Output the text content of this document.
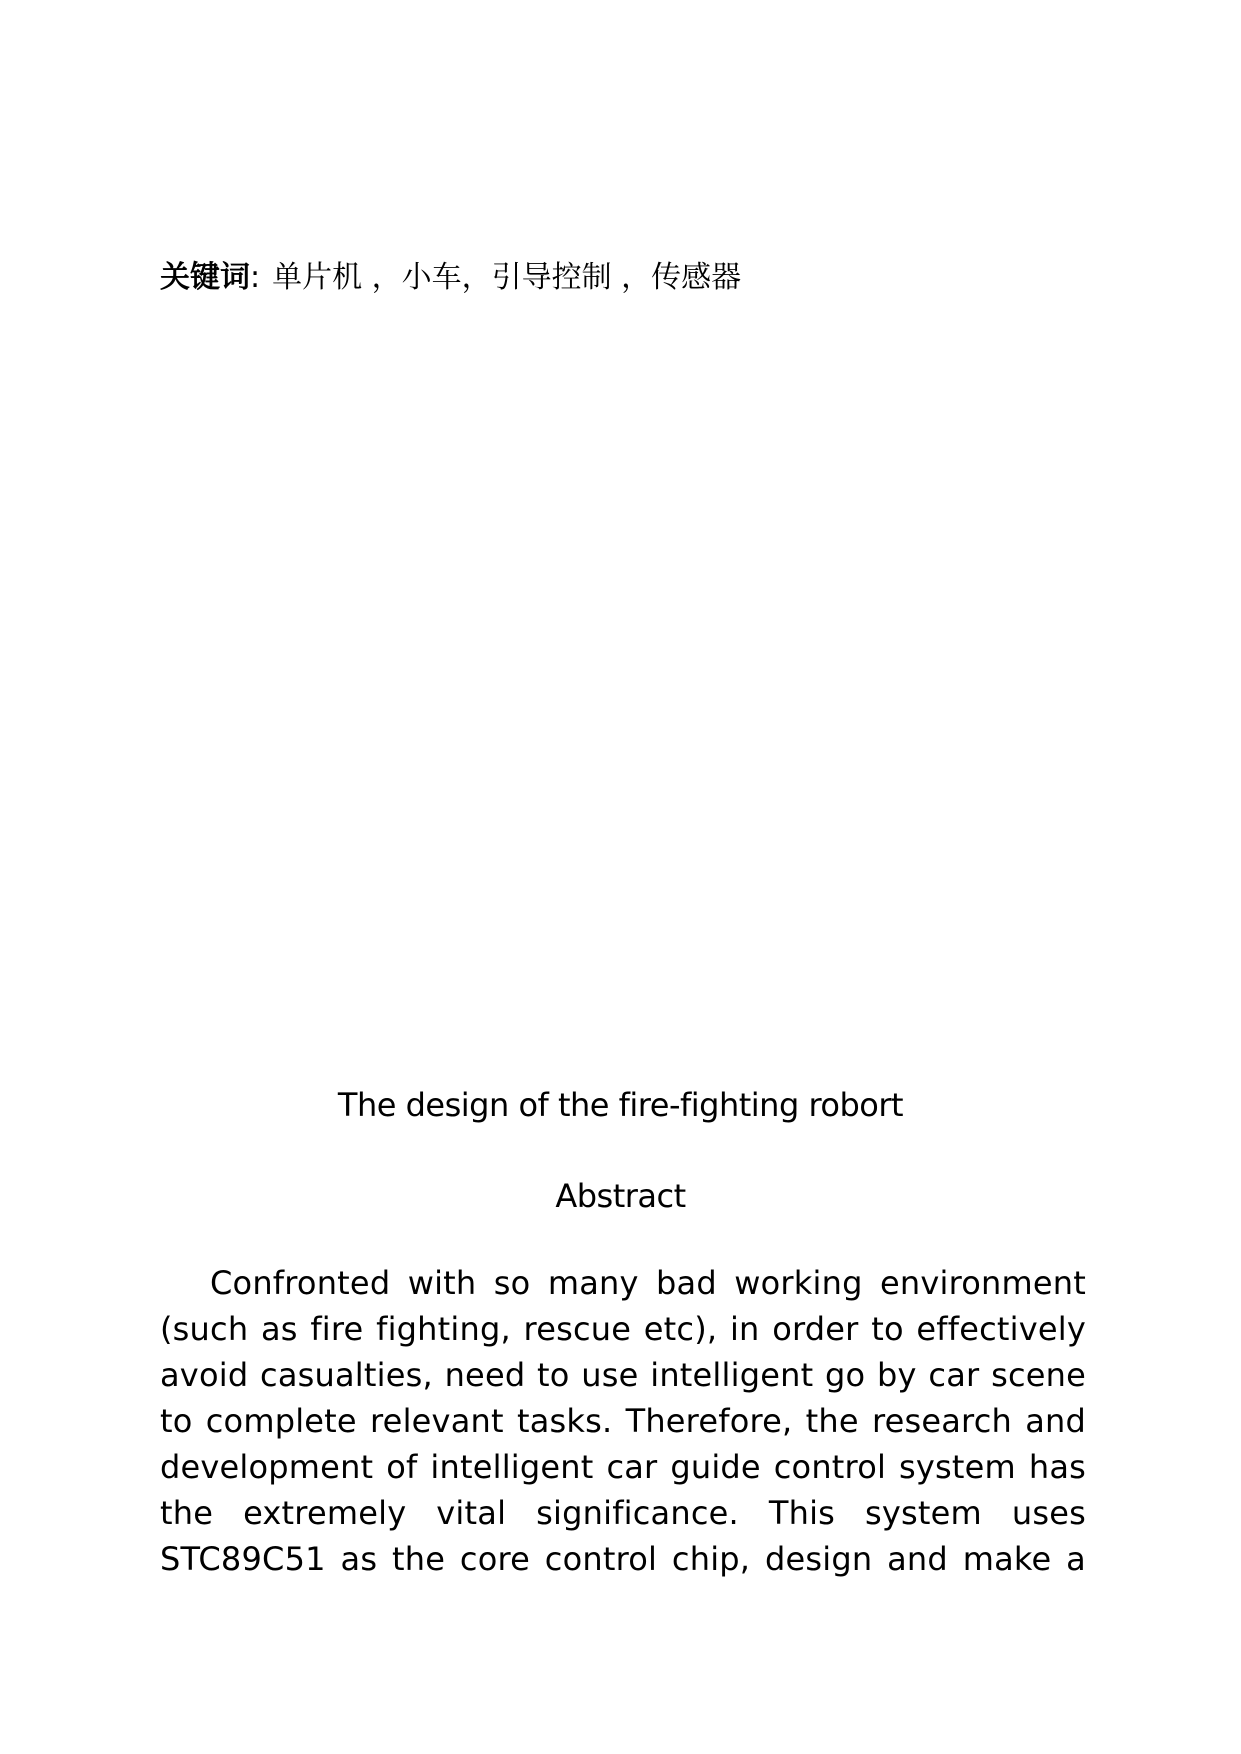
关键词: 单片机 ，小车，引导控制 ，传感器
The design of the fire-fighting robort
Abstract
Confronted with so many bad working environment
(such as fire fighting, rescue etc), in order to effectively
avoid casualties, need to use intelligent go by car scene
to complete relevant tasks. Therefore, the research and
development of intelligent car guide control system has
the extremely vital significance. This system uses
STC89C51 as the core control chip, design and make a
